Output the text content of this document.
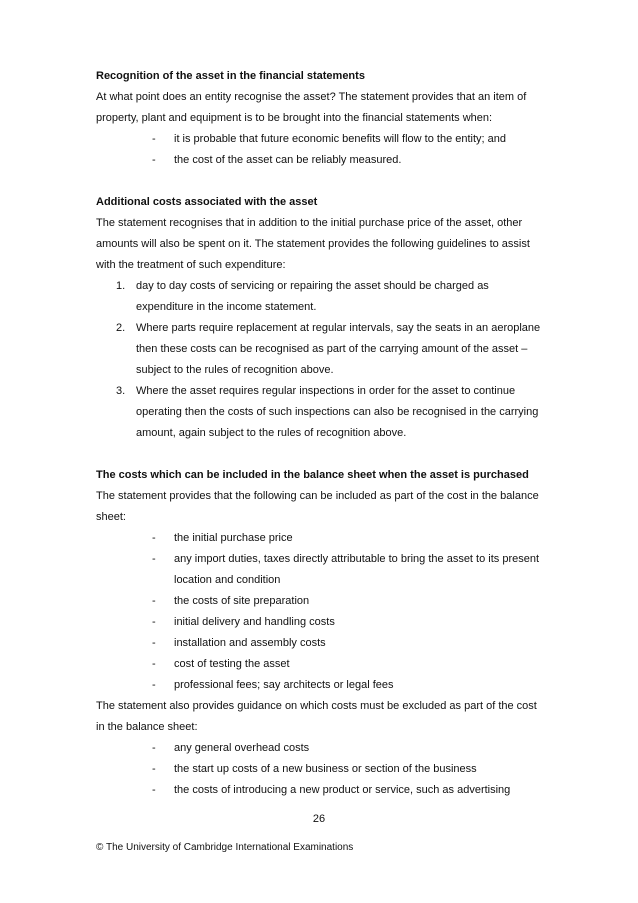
Recognition of the asset in the financial statements

At what point does an entity recognise the asset? The statement provides that an item of property, plant and equipment is to be brought into the financial statements when:

-	it is probable that future economic benefits will flow to the entity; and
-	the cost of the asset can be reliably measured.

Additional costs associated with the asset

The statement recognises that in addition to the initial purchase price of the asset, other amounts will also be spent on it. The statement provides the following guidelines to assist with the treatment of such expenditure:

1. day to day costs of servicing or repairing the asset should be charged as expenditure in the income statement.
2. Where parts require replacement at regular intervals, say the seats in an aeroplane then these costs can be recognised as part of the carrying amount of the asset – subject to the rules of recognition above.
3. Where the asset requires regular inspections in order for the asset to continue operating then the costs of such inspections can also be recognised in the carrying amount, again subject to the rules of recognition above.

The costs which can be included in the balance sheet when the asset is purchased

The statement provides that the following can be included as part of the cost in the balance sheet:

-	the initial purchase price
-	any import duties, taxes directly attributable to bring the asset to its present location and condition
-	the costs of site preparation
-	initial delivery and handling costs
-	installation and assembly costs
-	cost of testing the asset
-	professional fees; say architects or legal fees

The statement also provides guidance on which costs must be excluded as part of the cost in the balance sheet:

-	any general overhead costs
-	the start up costs of a new business or section of the business
-	the costs of introducing a new product or service, such as advertising
26
© The University of Cambridge International Examinations
